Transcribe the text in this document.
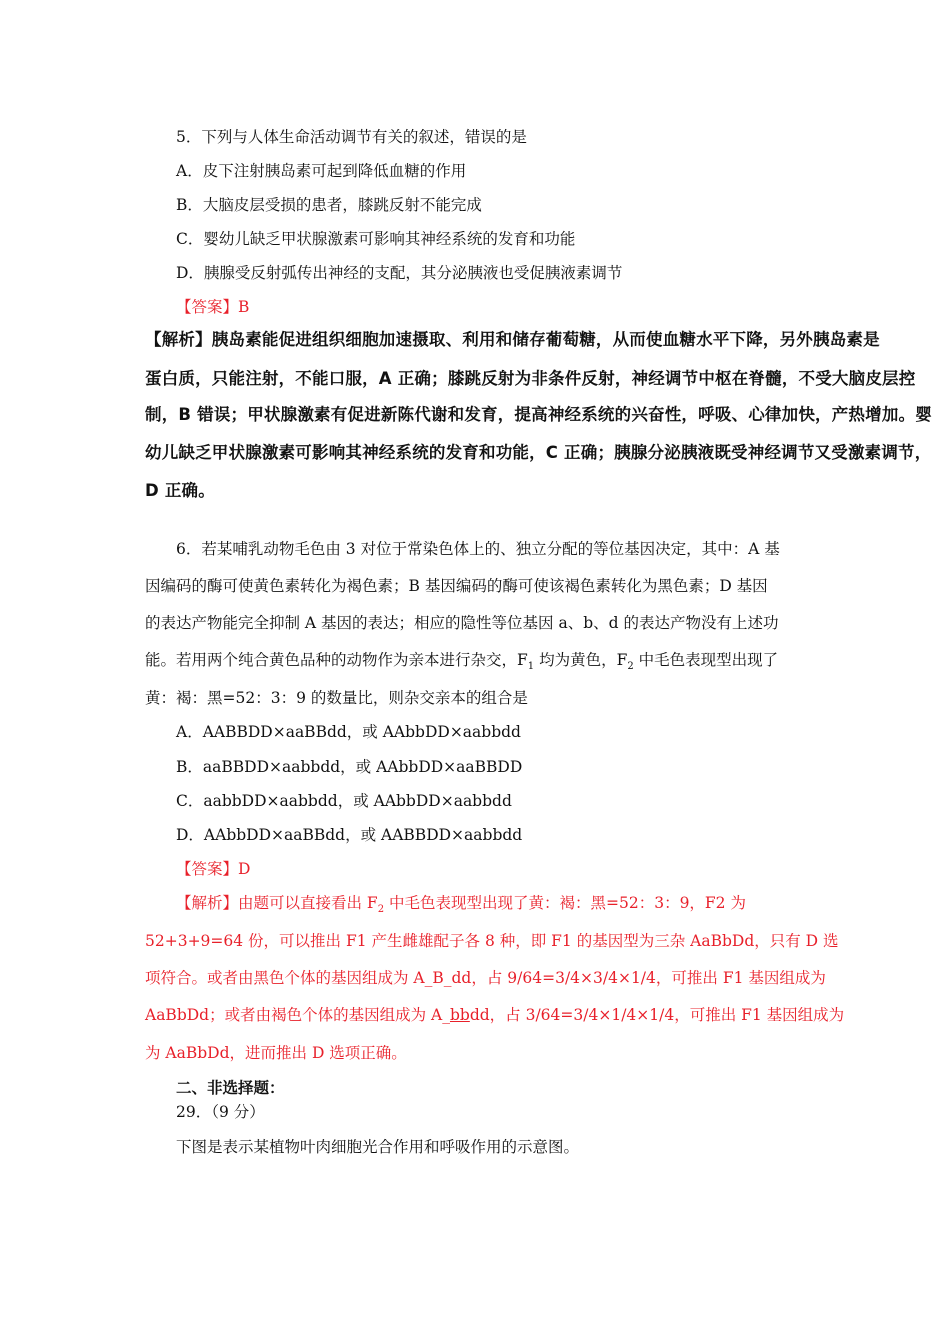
5．下列与人体生命活动调节有关的叙述，错误的是
A．皮下注射胰岛素可起到降低血糖的作用
B．大脑皮层受损的患者，膝跳反射不能完成
C．婴幼儿缺乏甲状腺激素可影响其神经系统的发育和功能
D．胰腺受反射弧传出神经的支配，其分泌胰液也受促胰液素调节
【答案】B
【解析】胰岛素能促进组织细胞加速摄取、利用和储存葡萄糖，从而使血糖水平下降，另外胰岛素是
蛋白质，只能注射，不能口服，A 正确；膝跳反射为非条件反射，神经调节中枢在脊髓，不受大脑皮层控
制，B 错误；甲状腺激素有促进新陈代谢和发育，提高神经系统的兴奋性，呼吸、心律加快，产热增加。婴
幼儿缺乏甲状腺激素可影响其神经系统的发育和功能，C 正确；胰腺分泌胰液既受神经调节又受激素调节，
D 正确。
6．若某哺乳动物毛色由 3 对位于常染色体上的、独立分配的等位基因决定，其中：A 基
因编码的酶可使黄色素转化为褐色素；B 基因编码的酶可使该褐色素转化为黑色素；D 基因
的表达产物能完全抑制 A 基因的表达；相应的隐性等位基因 a、b、d 的表达产物没有上述功
能。若用两个纯合黄色品种的动物作为亲本进行杂交，$F_1$ 均为黄色，$F_2$ 中毛色表现型出现了
黄：褐：黑=52：3：9 的数量比，则杂交亲本的组合是
A．AABBDD×aaBBdd，或 AAbbDD×aabbdd
B．aaBBDD×aabbdd，或 AAbbDD×aaBBDD
C．aabbDD×aabbdd，或 AAbbDD×aabbdd
D．AAbbDD×aaBBdd，或 AABBDD×aabbdd
【答案】D
【解析】由题可以直接看出 $F_2$ 中毛色表现型出现了黄：褐：黑=52：3：9，F2 为
52+3+9=64 份，可以推出 F1 产生雌雄配子各 8 种，即 F1 的基因型为三杂 AaBbDd，只有 D 选
项符合。或者由黑色个体的基因组成为 A_B_dd，占 9/64=3/4×3/4×1/4，可推出 F1 基因组成为
AaBbDd；或者由褐色个体的基因组成为 A_bbdd，占 3/64=3/4×1/4×1/4，可推出 F1 基因组成为
为 AaBbDd，进而推出 D 选项正确。
二、非选择题：
29．（9 分）
下图是表示某植物叶肉细胞光合作用和呼吸作用的示意图。
